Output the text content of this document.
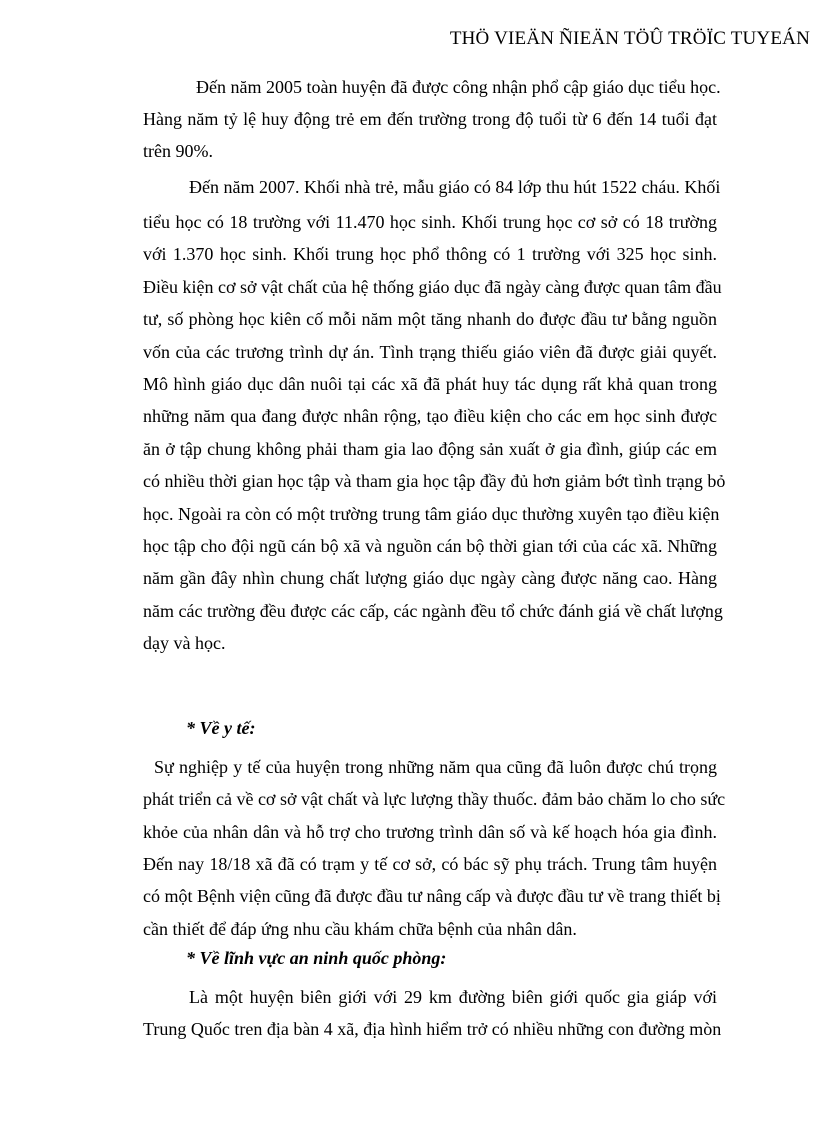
THÖ VIEÄN ÑIEÄN TÖÛ TRÖÏC TUYEÁN
Đến năm 2005 toàn huyện đã được công nhận phổ cập giáo dục tiểu học.
Hàng năm tỷ lệ huy động trẻ em đến trường trong độ tuổi từ 6 đến 14 tuổi đạt
trên 90%.
Đến năm 2007. Khối nhà trẻ, mẫu giáo có 84 lớp thu hút 1522 cháu. Khối
tiểu học có 18 trường với 11.470 học sinh. Khối trung học cơ sở có 18 trường
với 1.370 học sinh. Khối trung học phổ thông có 1 trường với 325 học sinh.
Điều kiện cơ sở vật chất của hệ thống giáo dục đã ngày càng được quan tâm đầu
tư, số phòng học kiên cố mỗi năm một tăng nhanh do được đầu tư bằng nguồn
vốn của các trương trình dự án. Tình trạng thiếu giáo viên đã được giải quyết.
Mô hình giáo dục dân nuôi tại các xã đã phát huy tác dụng rất khả quan trong
những năm qua đang được nhân rộng, tạo điều kiện cho các em học sinh được
ăn ở tập chung không phải tham gia lao động sản xuất ở gia đình, giúp các em
có nhiều thời gian học tập và tham gia học tập đầy đủ hơn giảm bớt tình trạng bỏ
học. Ngoài ra còn có một trường trung tâm giáo dục thường xuyên tạo điều kiện
học tập cho đội ngũ cán bộ xã và nguồn cán bộ thời gian tới của các xã. Những
năm gần đây nhìn chung chất lượng giáo dục ngày càng được năng cao. Hàng
năm các trường đều được các cấp, các ngành đều tổ chức đánh giá về chất lượng
dạy và học.
* Về y tế:
Sự nghiệp y tế của huyện trong những năm qua cũng đã luôn được chú trọng
phát triển cả về cơ sở vật chất và lực lượng thầy thuốc. đảm bảo chăm lo cho sức
khỏe của nhân dân và hỗ trợ cho trương trình dân số và kế hoạch hóa gia đình.
Đến nay 18/18 xã đã có trạm y tế cơ sở, có bác sỹ phụ trách. Trung tâm huyện
có một Bệnh viện cũng đã được đầu tư nâng cấp và được đầu tư về trang thiết bị
cần thiết để đáp ứng nhu cầu khám chữa bệnh của nhân dân.
* Về lĩnh vực an ninh quốc phòng:
Là một huyện biên giới với 29 km đường biên giới quốc gia giáp với
Trung Quốc tren địa bàn 4 xã, địa hình hiểm trở có nhiều những con đường mòn
